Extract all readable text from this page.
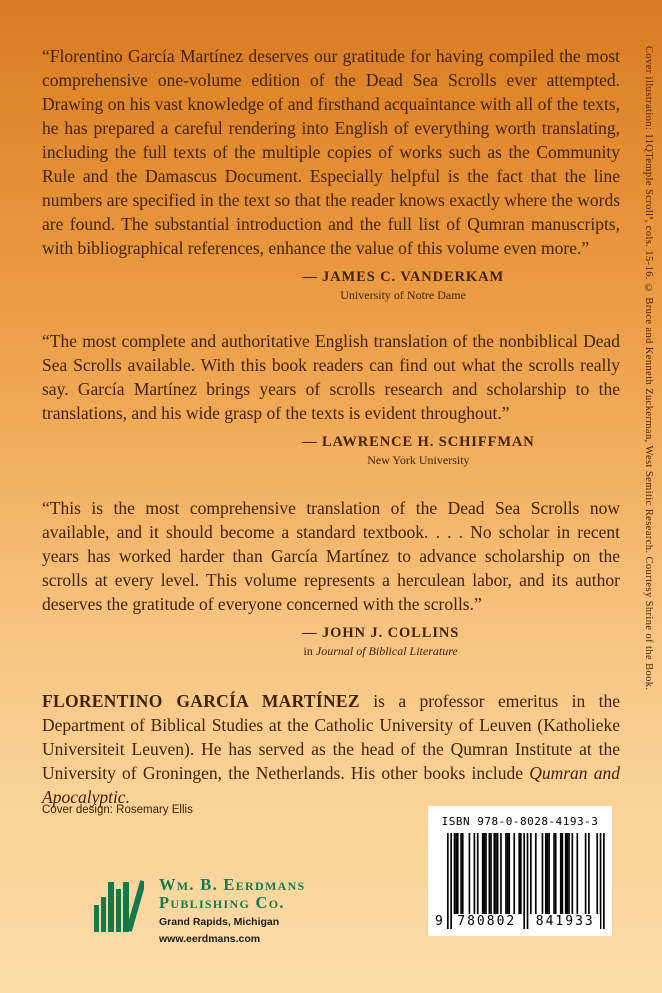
“Florentino García Martínez deserves our gratitude for having compiled the most comprehensive one-volume edition of the Dead Sea Scrolls ever attempted. Drawing on his vast knowledge of and firsthand acquaintance with all of the texts, he has prepared a careful rendering into English of everything worth translating, including the full texts of the multiple copies of works such as the Community Rule and the Damascus Document. Especially helpful is the fact that the line numbers are specified in the text so that the reader knows exactly where the words are found. The substantial introduction and the full list of Qumran manuscripts, with bibliographical references, enhance the value of this volume even more.”

— JAMES C. VANDERKAM
University of Notre Dame

“The most complete and authoritative English translation of the nonbiblical Dead Sea Scrolls available. With this book readers can find out what the scrolls really say. García Martínez brings years of scrolls research and scholarship to the translations, and his wide grasp of the texts is evident throughout.”

— LAWRENCE H. SCHIFFMAN
New York University

“This is the most comprehensive translation of the Dead Sea Scrolls now available, and it should become a standard textbook. . . . No scholar in recent years has worked harder than García Martínez to advance scholarship on the scrolls at every level. This volume represents a herculean labor, and its author deserves the gratitude of everyone concerned with the scrolls.”

— JOHN J. COLLINS
in Journal of Biblical Literature

FLORENTINO GARCÍA MARTÍNEZ is a professor emeritus in the Department of Biblical Studies at the Catholic University of Leuven (Katholieke Universiteit Leuven). He has served as the head of the Qumran Institute at the University of Groningen, the Netherlands. His other books include Qumran and Apocalyptic.

Cover design: Rosemary Ellis
Wm. B. Eerdmans
Publishing Co.
Grand Rapids, Michigan
www.eerdmans.com
ISBN 978-0-8028-4193-3
9	780802	841933
Cover illustration: 11QTemple Scrollª, cols. 15-16. © Bruce and Kenneth Zuckerman, West Semitic Research. Courtesy Shrine of the Book.
